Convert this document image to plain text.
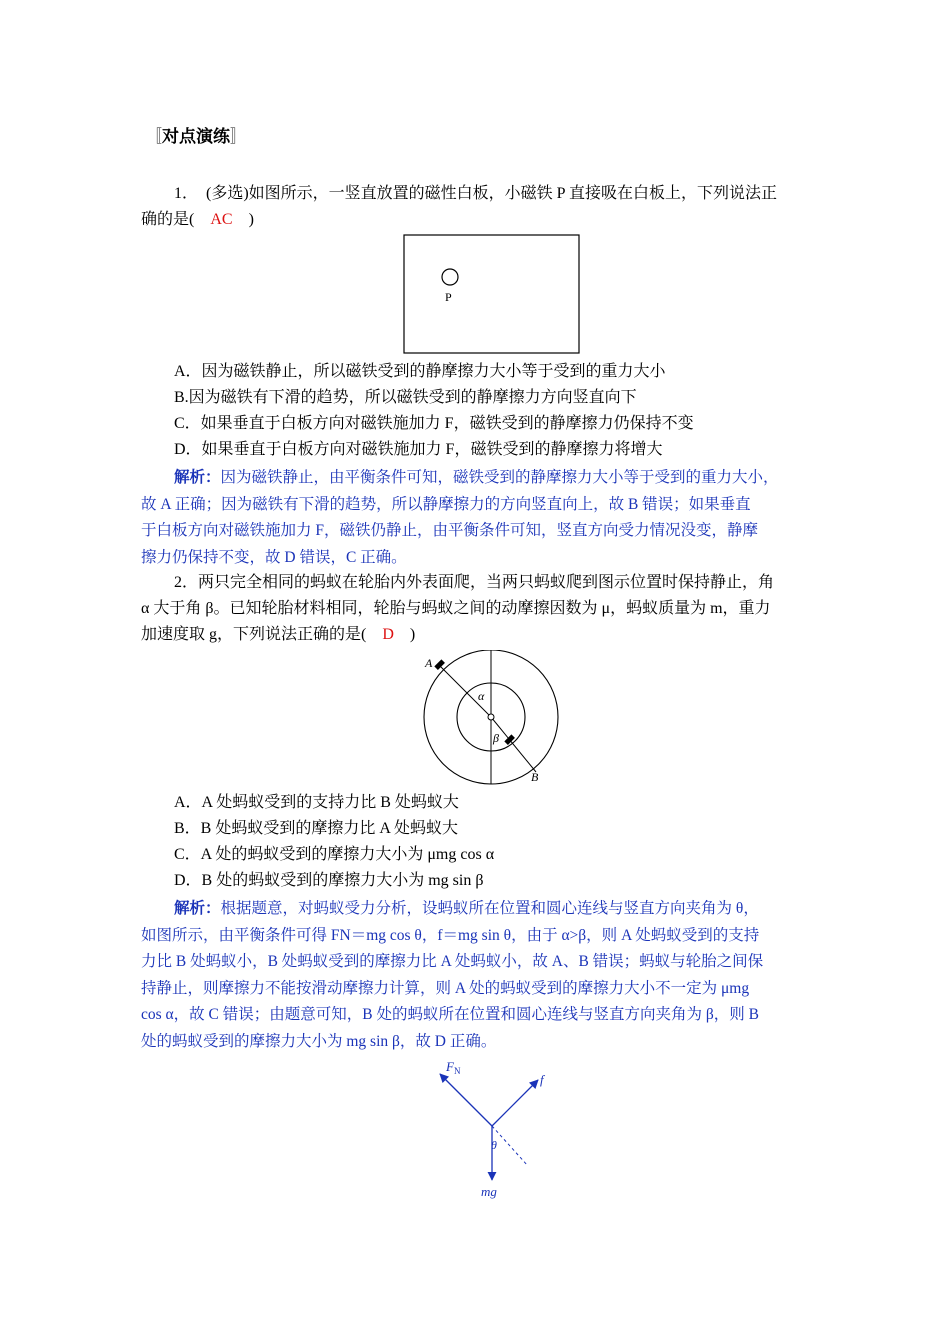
〚对点演练〛
1．　(多选)如图所示，一竖直放置的磁性白板，小磁铁 P 直接吸在白板上，下列说法正
确的是(　AC　)
P
A．因为磁铁静止，所以磁铁受到的静摩擦力大小等于受到的重力大小
B.因为磁铁有下滑的趋势，所以磁铁受到的静摩擦力方向竖直向下
C．如果垂直于白板方向对磁铁施加力 F，磁铁受到的静摩擦力仍保持不变
D．如果垂直于白板方向对磁铁施加力 F，磁铁受到的静摩擦力将增大
解析：因为磁铁静止，由平衡条件可知，磁铁受到的静摩擦力大小等于受到的重力大小，
故 A 正确；因为磁铁有下滑的趋势，所以静摩擦力的方向竖直向上，故 B 错误；如果垂直
于白板方向对磁铁施加力 F，磁铁仍静止，由平衡条件可知，竖直方向受力情况没变，静摩
擦力仍保持不变，故 D 错误，C 正确。
2．两只完全相同的蚂蚁在轮胎内外表面爬，当两只蚂蚁爬到图示位置时保持静止，角
α 大于角 β。已知轮胎材料相同，轮胎与蚂蚁之间的动摩擦因数为 μ，蚂蚁质量为 m，重力
加速度取 g，下列说法正确的是(　D　)
A
B
α
β
A．A 处蚂蚁受到的支持力比 B 处蚂蚁大
B．B 处蚂蚁受到的摩擦力比 A 处蚂蚁大
C．A 处的蚂蚁受到的摩擦力大小为 μmg cos α
D．B 处的蚂蚁受到的摩擦力大小为 mg sin β
解析：根据题意，对蚂蚁受力分析，设蚂蚁所在位置和圆心连线与竖直方向夹角为 θ，
如图所示，由平衡条件可得 FN＝mg cos θ，f＝mg sin θ，由于 α>β，则 A 处蚂蚁受到的支持
力比 B 处蚂蚁小，B 处蚂蚁受到的摩擦力比 A 处蚂蚁小，故 A、B 错误；蚂蚁与轮胎之间保
持静止，则摩擦力不能按滑动摩擦力计算，则 A 处的蚂蚁受到的摩擦力大小不一定为 μmg
cos α，故 C 错误；由题意可知，B 处的蚂蚁所在位置和圆心连线与竖直方向夹角为 β，则 B
处的蚂蚁受到的摩擦力大小为 mg sin β，故 D 正确。
$F_N$
f
θ
mg
